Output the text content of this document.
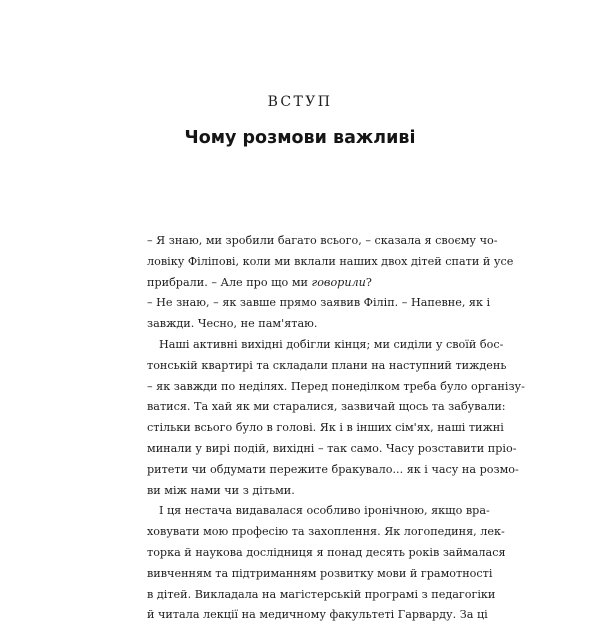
ВСТУП
Чому розмови важливі
– Я знаю, ми зробили багато всього, – сказала я своєму чо-
ловіку Філіпові, коли ми вклали наших двох дітей спати й усе
прибрали. – Але про що ми говорили?
– Не знаю, – як завше прямо заявив Філіп. – Напевне, як і
завжди. Чесно, не пам'ятаю.
Наші активні вихідні добігли кінця; ми сиділи у своїй бос-
тонській квартирі та складали плани на наступний тиждень
– як завжди по неділях. Перед понеділком треба було організу-
ватися. Та хай як ми старалися, зазвичай щось та забували:
стільки всього було в голові. Як і в інших сім'ях, наші тижні
минали у вирі подій, вихідні – так само. Часу розставити пріо-
ритети чи обдумати пережите бракувало... як і часу на розмо-
ви між нами чи з дітьми.
І ця нестача видавалася особливо іронічною, якщо вра-
ховувати мою професію та захоплення. Як логопединя, лек-
торка й наукова дослідниця я понад десять років займалася
вивченням та підтриманням розвитку мови й грамотності
в дітей. Викладала на магістерській програмі з педагогіки
й читала лекції на медичному факультеті Гарварду. За ці
